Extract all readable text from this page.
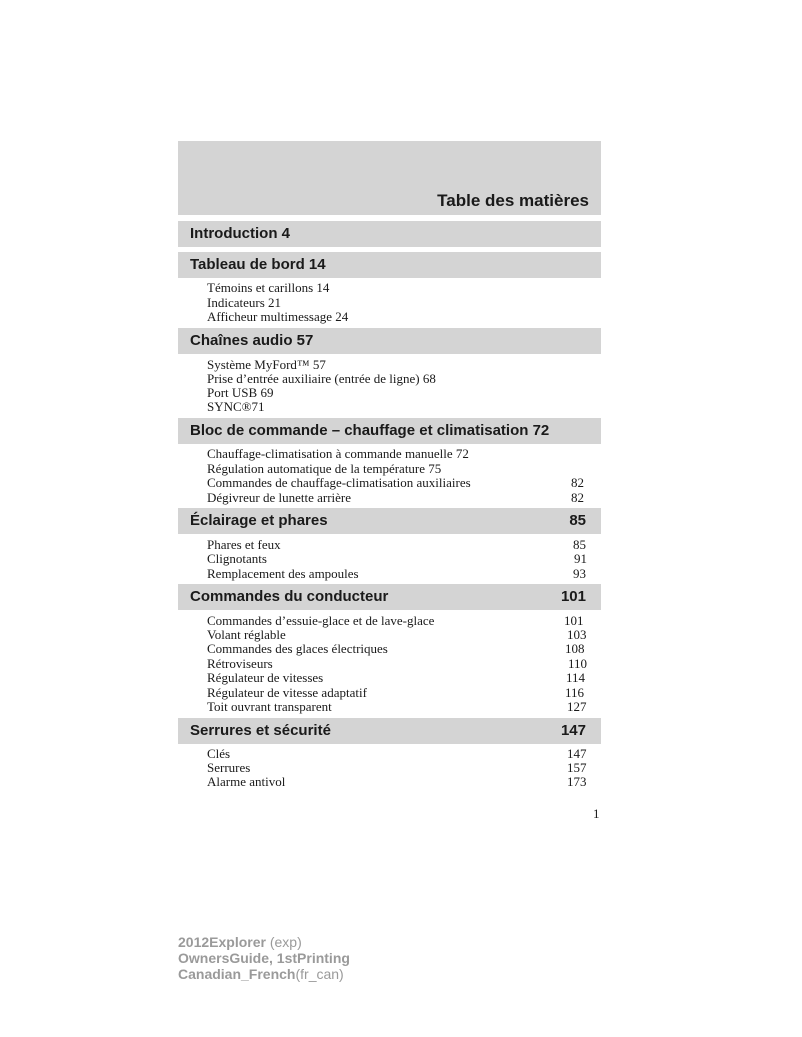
Table des matières
Introduction 4
Tableau de bord 14
Témoins et carillons 14
Indicateurs 21
Afficheur multimessage 24
Chaînes audio 57
Système MyFord™ 57
Prise d’entrée auxiliaire (entrée de ligne) 68
Port USB 69
SYNC®71
Bloc de commande – chauffage et climatisation 72
Chauffage-climatisation à commande manuelle 72
Régulation automatique de la température 75
Commandes de chauffage-climatisation auxiliaires	82
Dégivreur de lunette arrière	82
Éclairage et phares	85
Phares et feux	85
Clignotants	91
Remplacement des ampoules	93
Commandes du conducteur	101
Commandes d’essuie-glace et de lave-glace	101
Volant réglable	103
Commandes des glaces électriques	108
Rétroviseurs	110
Régulateur de vitesses	114
Régulateur de vitesse adaptatif	116
Toit ouvrant transparent	127
Serrures et sécurité	147
Clés	147
Serrures	157
Alarme antivol	173
1
2012Explorer (exp)
OwnersGuide, 1stPrinting
Canadian_French(fr_can)
